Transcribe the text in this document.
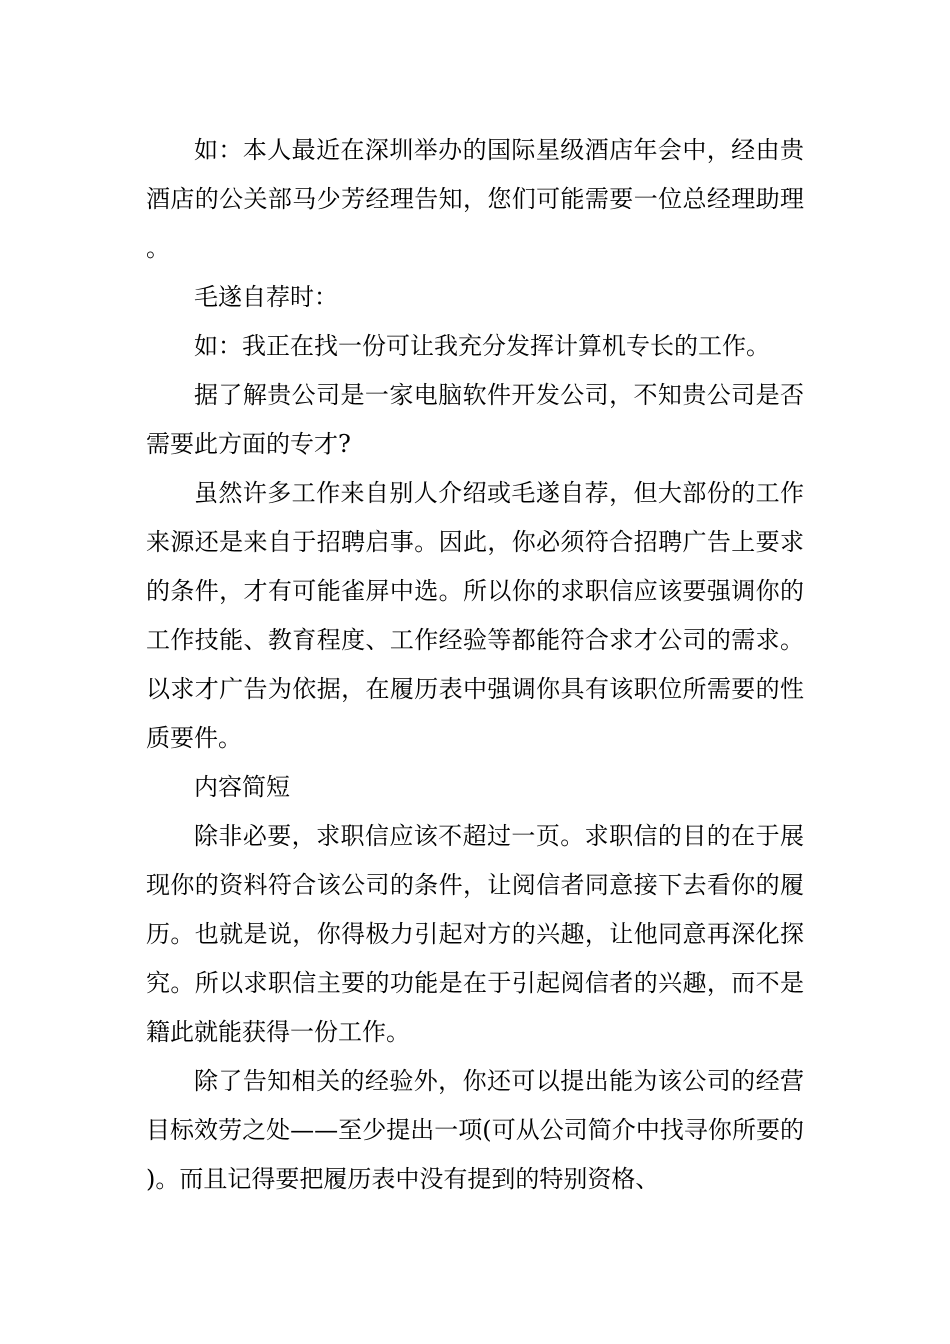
如：本人最近在深圳举办的国际星级酒店年会中，经由贵酒店的公关部马少芳经理告知，您们可能需要一位总经理助理。

毛遂自荐时：

如：我正在找一份可让我充分发挥计算机专长的工作。

据了解贵公司是一家电脑软件开发公司，不知贵公司是否需要此方面的专才?

虽然许多工作来自别人介绍或毛遂自荐，但大部份的工作来源还是来自于招聘启事。因此，你必须符合招聘广告上要求的条件，才有可能雀屏中选。所以你的求职信应该要强调你的工作技能、教育程度、工作经验等都能符合求才公司的需求。以求才广告为依据，在履历表中强调你具有该职位所需要的性质要件。

内容简短

除非必要，求职信应该不超过一页。求职信的目的在于展现你的资料符合该公司的条件，让阅信者同意接下去看你的履历。也就是说，你得极力引起对方的兴趣，让他同意再深化探究。所以求职信主要的功能是在于引起阅信者的兴趣，而不是籍此就能获得一份工作。

除了告知相关的经验外，你还可以提出能为该公司的经营目标效劳之处——至少提出一项(可从公司简介中找寻你所要的)。而且记得要把履历表中没有提到的特别资格、
